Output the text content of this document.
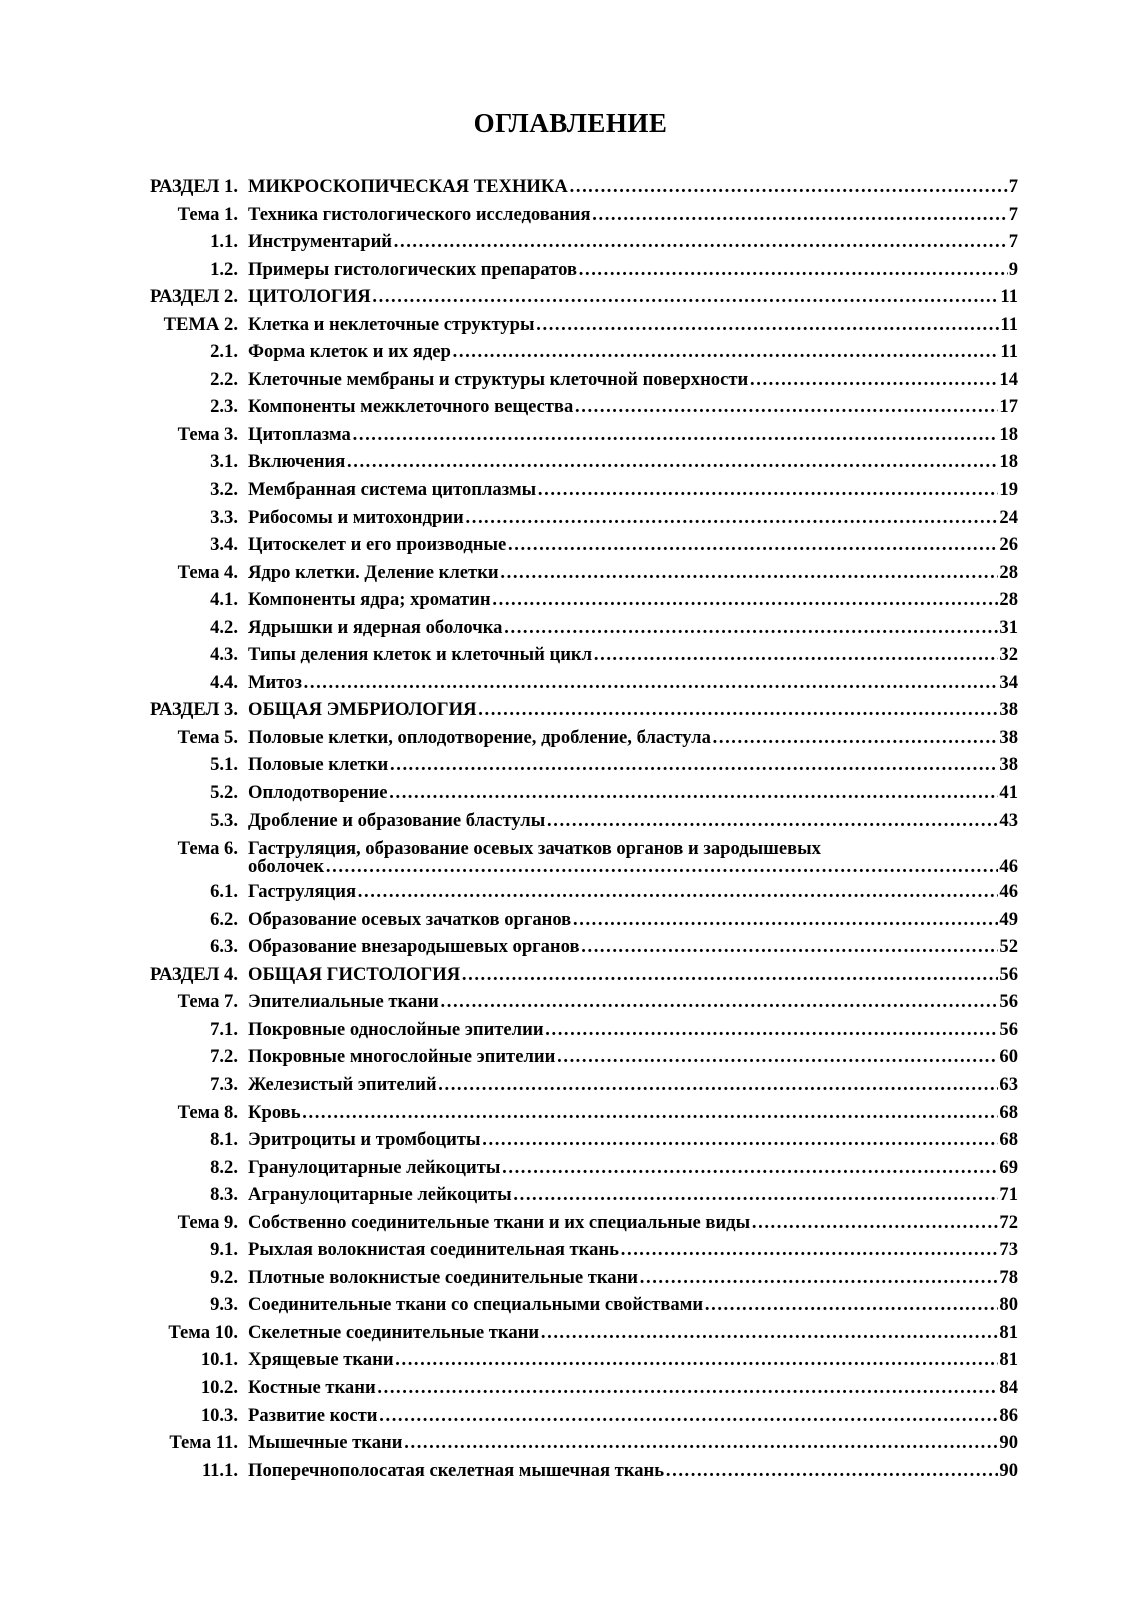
ОГЛАВЛЕНИЕ
РАЗДЕЛ 1. МИКРОСКОПИЧЕСКАЯ ТЕХНИКА ……………………………………………………………………………………………………………………………………………………………………………………………………………………………………	7
Тема 1. Техника гистологического исследования ……………………………………………………………………………………………………………………………………………………………………………………………………………………………………	7
1.1. Инструментарий ……………………………………………………………………………………………………………………………………………………………………………………………………………………………………	7
1.2. Примеры гистологических препаратов ……………………………………………………………………………………………………………………………………………………………………………………………………………………………………	9
РАЗДЕЛ 2. ЦИТОЛОГИЯ ……………………………………………………………………………………………………………………………………………………………………………………………………………………………………	11
ТЕМА 2. Клетка и неклеточные структуры ……………………………………………………………………………………………………………………………………………………………………………………………………………………………………	11
2.1. Форма клеток и их ядер ……………………………………………………………………………………………………………………………………………………………………………………………………………………………………	11
2.2. Клеточные мембраны и структуры клеточной поверхности ……………………………………………………………………………………………………………………………………………………………………………………………………………………………………	14
2.3. Компоненты межклеточного вещества ……………………………………………………………………………………………………………………………………………………………………………………………………………………………………	17
Тема 3. Цитоплазма ……………………………………………………………………………………………………………………………………………………………………………………………………………………………………	18
3.1. Включения ……………………………………………………………………………………………………………………………………………………………………………………………………………………………………	18
3.2. Мембранная система цитоплазмы ……………………………………………………………………………………………………………………………………………………………………………………………………………………………………	19
3.3. Рибосомы и митохондрии ……………………………………………………………………………………………………………………………………………………………………………………………………………………………………	24
3.4. Цитоскелет и его производные ……………………………………………………………………………………………………………………………………………………………………………………………………………………………………	26
Тема 4. Ядро клетки. Деление клетки ……………………………………………………………………………………………………………………………………………………………………………………………………………………………………	28
4.1. Компоненты ядра; хроматин ……………………………………………………………………………………………………………………………………………………………………………………………………………………………………	28
4.2. Ядрышки и ядерная оболочка ……………………………………………………………………………………………………………………………………………………………………………………………………………………………………	31
4.3. Типы деления клеток и клеточный цикл ……………………………………………………………………………………………………………………………………………………………………………………………………………………………………	32
4.4. Митоз ……………………………………………………………………………………………………………………………………………………………………………………………………………………………………	34
РАЗДЕЛ 3. ОБЩАЯ ЭМБРИОЛОГИЯ ……………………………………………………………………………………………………………………………………………………………………………………………………………………………………	38
Тема 5. Половые клетки, оплодотворение, дробление, бластула ……………………………………………………………………………………………………………………………………………………………………………………………………………………………………	38
5.1. Половые клетки ……………………………………………………………………………………………………………………………………………………………………………………………………………………………………	38
5.2. Оплодотворение ……………………………………………………………………………………………………………………………………………………………………………………………………………………………………	41
5.3. Дробление и образование бластулы ……………………………………………………………………………………………………………………………………………………………………………………………………………………………………	43
Тема 6. Гаструляция, образование осевых зачатков органов и зародышевых
оболочек ……………………………………………………………………………………………………………………………………………………………………………………………………………………………………	46
6.1. Гаструляция ……………………………………………………………………………………………………………………………………………………………………………………………………………………………………	46
6.2. Образование осевых зачатков органов ……………………………………………………………………………………………………………………………………………………………………………………………………………………………………	49
6.3. Образование внезародышевых органов ……………………………………………………………………………………………………………………………………………………………………………………………………………………………………	52
РАЗДЕЛ 4. ОБЩАЯ ГИСТОЛОГИЯ ……………………………………………………………………………………………………………………………………………………………………………………………………………………………………	56
Тема 7. Эпителиальные ткани ……………………………………………………………………………………………………………………………………………………………………………………………………………………………………	56
7.1. Покровные однослойные эпителии ……………………………………………………………………………………………………………………………………………………………………………………………………………………………………	56
7.2. Покровные многослойные эпителии ……………………………………………………………………………………………………………………………………………………………………………………………………………………………………	60
7.3. Железистый эпителий ……………………………………………………………………………………………………………………………………………………………………………………………………………………………………	63
Тема 8. Кровь ……………………………………………………………………………………………………………………………………………………………………………………………………………………………………	68
8.1. Эритроциты и тромбоциты ……………………………………………………………………………………………………………………………………………………………………………………………………………………………………	68
8.2. Гранулоцитарные лейкоциты ……………………………………………………………………………………………………………………………………………………………………………………………………………………………………	69
8.3. Агранулоцитарные лейкоциты ……………………………………………………………………………………………………………………………………………………………………………………………………………………………………	71
Тема 9. Собственно соединительные ткани и их специальные виды ……………………………………………………………………………………………………………………………………………………………………………………………………………………………………	72
9.1. Рыхлая волокнистая соединительная ткань ……………………………………………………………………………………………………………………………………………………………………………………………………………………………………	73
9.2. Плотные волокнистые соединительные ткани ……………………………………………………………………………………………………………………………………………………………………………………………………………………………………	78
9.3. Соединительные ткани со специальными свойствами ……………………………………………………………………………………………………………………………………………………………………………………………………………………………………	80
Тема 10. Скелетные соединительные ткани ……………………………………………………………………………………………………………………………………………………………………………………………………………………………………	81
10.1. Хрящевые ткани ……………………………………………………………………………………………………………………………………………………………………………………………………………………………………	81
10.2. Костные ткани ……………………………………………………………………………………………………………………………………………………………………………………………………………………………………	84
10.3. Развитие кости ……………………………………………………………………………………………………………………………………………………………………………………………………………………………………	86
Тема 11. Мышечные ткани ……………………………………………………………………………………………………………………………………………………………………………………………………………………………………	90
11.1. Поперечнополосатая скелетная мышечная ткань ……………………………………………………………………………………………………………………………………………………………………………………………………………………………………	90
